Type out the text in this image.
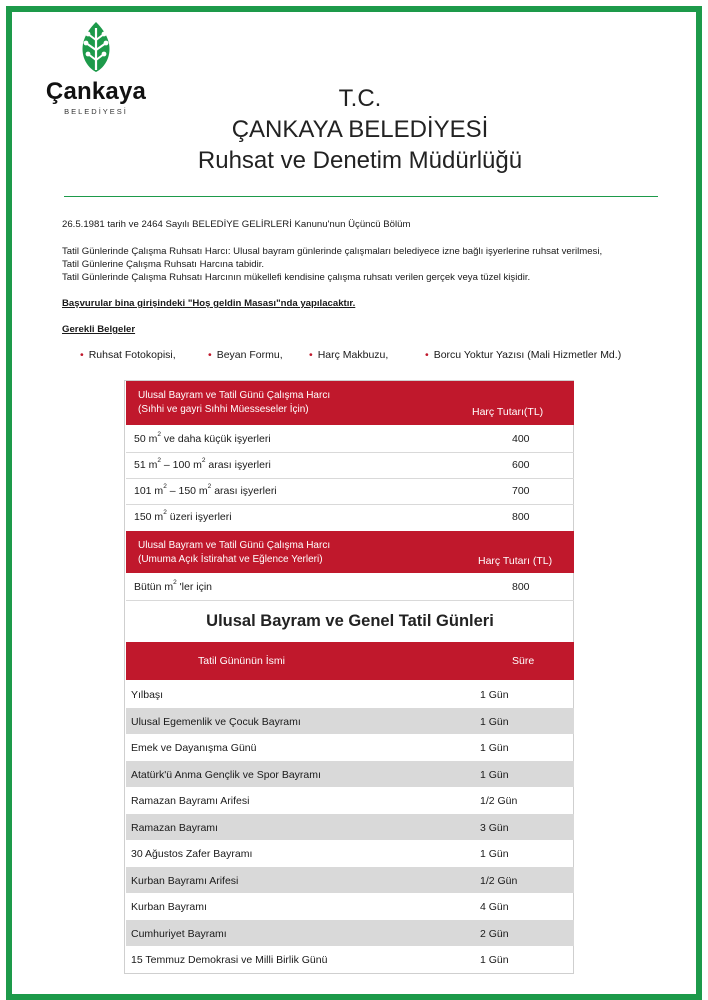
Çankaya
BELEDİYESİ	T.C.
ÇANKAYA BELEDİYESİ
Ruhsat ve Denetim Müdürlüğü
26.5.1981 tarih ve 2464 Sayılı BELEDİYE GELİRLERİ Kanunu'nun Üçüncü Bölüm
Tatil Günlerinde Çalışma Ruhsatı Harcı: Ulusal bayram günlerinde çalışmaları belediyece izne bağlı işyerlerine ruhsat verilmesi,
Tatil Günlerine Çalışma Ruhsatı Harcına tabidir.
Tatil Günlerinde Çalışma Ruhsatı Harcının mükellefi kendisine çalışma ruhsatı verilen gerçek veya tüzel kişidir.
Başvurular bina girişindeki "Hoş geldin Masası"nda yapılacaktır.
Gerekli Belgeler
• Ruhsat Fotokopisi,	• Beyan Formu,	• Harç Makbuzu,	• Borcu Yoktur Yazısı (Mali Hizmetler Md.)
Ulusal Bayram ve Tatil Günü Çalışma Harcı
(Sıhhi ve gayri Sıhhi Müesseseler İçin)	Harç Tutarı(TL)
50 $m^2$ ve daha küçük işyerleri	400
51 $m^2 - 100$ $m^2$ arası işyerleri	600
101 $m^2 - 150$ $m^2$ arası işyerleri	700
150 $m^2$ üzeri işyerleri	800
Ulusal Bayram ve Tatil Günü Çalışma Harcı
(Umuma Açık İstirahat ve Eğlence Yerleri)	Harç Tutarı (TL)
Bütün $m^2$ 'ler için	800
Ulusal Bayram ve Genel Tatil Günleri
Tatil Gününün İsmi	Süre
Yılbaşı	1 Gün
Ulusal Egemenlik ve Çocuk Bayramı	1 Gün
Emek ve Dayanışma Günü	1 Gün
Atatürk'ü Anma Gençlik ve Spor Bayramı	1 Gün
Ramazan Bayramı Arifesi	1/2 Gün
Ramazan Bayramı	3 Gün
30 Ağustos Zafer Bayramı	1 Gün
Kurban Bayramı Arifesi	1/2 Gün
Kurban Bayramı	4 Gün
Cumhuriyet Bayramı	2 Gün
15 Temmuz Demokrasi ve Milli Birlik Günü	1 Gün
